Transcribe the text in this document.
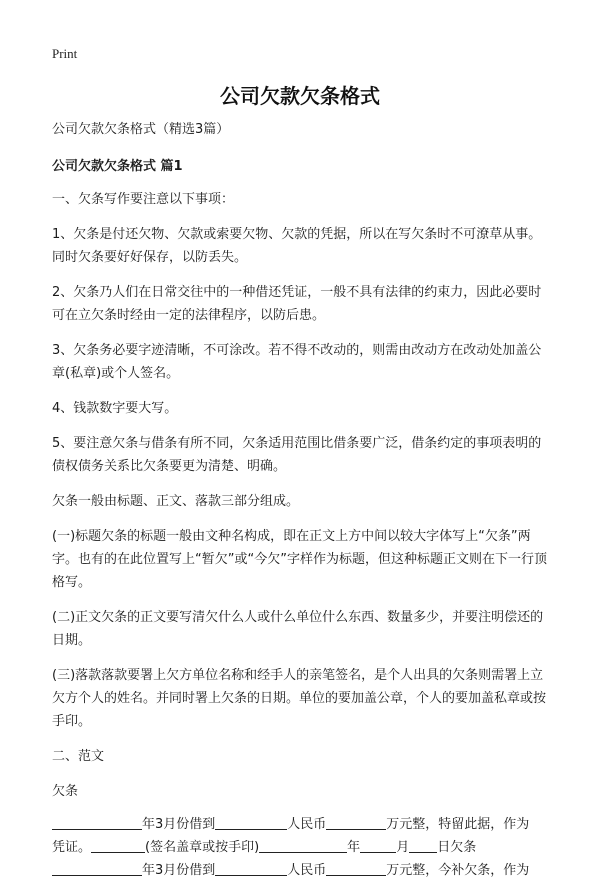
Print
公司欠款欠条格式

公司欠款欠条格式（精选3篇）

公司欠款欠条格式 篇1

一、欠条写作要注意以下事项：

1、欠条是付还欠物、欠款或索要欠物、欠款的凭据，所以在写欠条时不可潦草从事。同时欠条要好好保存，以防丢失。

2、欠条乃人们在日常交往中的一种借还凭证，一般不具有法律的约束力，因此必要时可在立欠条时经由一定的法律程序，以防后患。

3、欠条务必要字迹清晰，不可涂改。若不得不改动的，则需由改动方在改动处加盖公章(私章)或个人签名。

4、钱款数字要大写。

5、要注意欠条与借条有所不同，欠条适用范围比借条要广泛，借条约定的事项表明的债权债务关系比欠条要更为清楚、明确。

欠条一般由标题、正文、落款三部分组成。

(一)标题欠条的标题一般由文种名构成，即在正文上方中间以较大字体写上“欠条”两字。也有的在此位置写上“暂欠”或“今欠”字样作为标题，但这种标题正文则在下一行顶格写。

(二)正文欠条的正文要写清欠什么人或什么单位什么东西、数量多少，并要注明偿还的日期。

(三)落款落款要署上欠方单位名称和经手人的亲笔签名，是个人出具的欠条则需署上立欠方个人的姓名。并同时署上欠条的日期。单位的要加盖公章，个人的要加盖私章或按手印。

二、范文

欠条

年3月份借到	人民币	万元整，特留此据，作为
凭证。	(签名盖章或按手印)	年	月 日欠条
年3月份借到	人民币	万元整，今补欠条，作为
